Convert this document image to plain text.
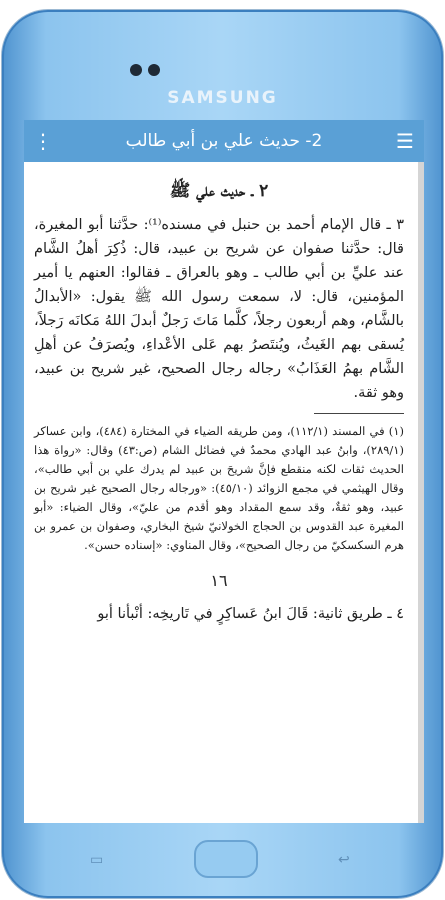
SAMSUNG
⋮	2- حديث علي بن أبي طالب	☰
٢ ـ حديث علي ﷺ
٣ ـ قال الإمام أحمد بن حنبل في مسنده⁽¹⁾: حدَّثنا أبو المغيرة، قال: حدَّثنا صفوان عن شريح بن عبيد، قال: ذُكِرَ أهلُ الشَّام عند عليِّ بن أبي طالب ـ وهو بالعراق ـ فقالوا: العنهم يا أمير المؤمنين، قال: لا، سمعت رسول الله ﷺ يقول: «الأبدالُ بالشَّام، وهم أربعون رجلاً، كلَّما مَاتَ رَجلٌ أبدلَ اللهُ مَكانَه رَجلاً، يُسقى بهم الغَيثُ، ويُنتَصرُ بهم عَلى الأعْداءِ، ويُصرَفُ عن أهلِ الشَّام بهمُ العَذَابُ» رجاله رجال الصحيح، غير شريح بن عبيد، وهو ثقة.
(١) في المسند (١١٢/١)، ومن طريقه الضياء في المختارة (٤٨٤)، وابن عساكر (٢٨٩/١)، وابنُ عبد الهادي محمدٌ في فضائل الشام (ص:٤٣) وقال: «رواة هذا الحديث ثقات لكنه منقطع فإنَّ شريحَ بن عبيد لم يدرك علي بن أبي طالب»، وقال الهيثمي في مجمع الزوائد (٤٥/١٠): «ورجاله رجال الصحيح غير شريح بن عبيد، وهو ثقةٌ، وقد سمع المقداد وهو أقدم من عليّ»، وقال الضياء: «أبو المغيرة عبد القدوس بن الحجاج الخولانيّ شيخ البخاري، وصفوان بن عمرو بن هرم السكسكيّ من رجال الصحيح»، وقال المناوي: «إسناده حسن».
١٦
٤ ـ طريق ثانية: قَالَ ابنُ عَساكِرٍ في تَاريخِه: أنْبأنا أبو
▭	↩
